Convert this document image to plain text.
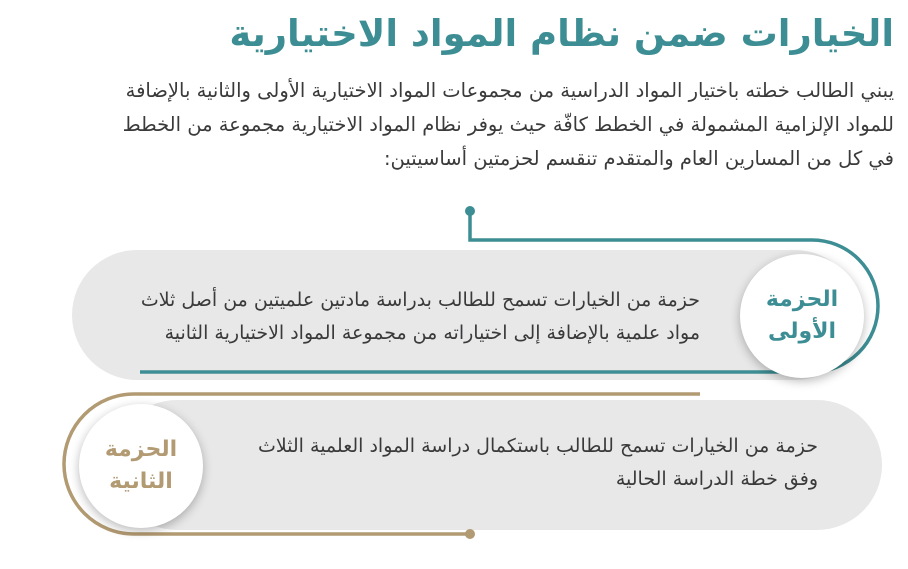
الخيارات ضمن نظام المواد الاختيارية
يبني الطالب خطته باختيار المواد الدراسية من مجموعات المواد الاختيارية الأولى والثانية بالإضافة
للمواد الإلزامية المشمولة في الخطط كافّة حيث يوفر نظام المواد الاختيارية مجموعة من الخطط
في كل من المسارين العام والمتقدم تنقسم لحزمتين أساسيتين:
حزمة من الخيارات تسمح للطالب بدراسة مادتين علميتين من أصل ثلاث
مواد علمية بالإضافة إلى اختياراته من مجموعة المواد الاختيارية الثانية
حزمة من الخيارات تسمح للطالب باستكمال دراسة المواد العلمية الثلاث
وفق خطة الدراسة الحالية
الحزمة
الأولى
الحزمة
الثانية
